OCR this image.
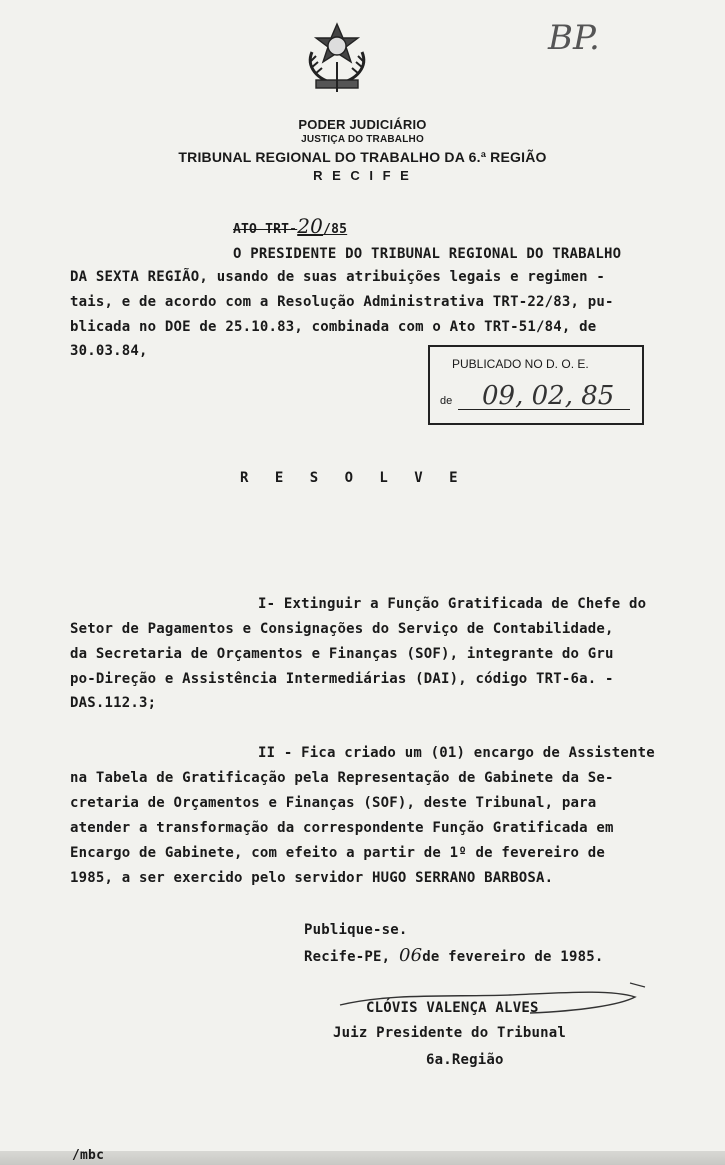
BP.
PODER JUDICIÁRIO
JUSTIÇA DO TRABALHO
TRIBUNAL REGIONAL DO TRABALHO DA 6.ª REGIÃO
R E C I F E
ATO TRT-20/85
O PRESIDENTE DO TRIBUNAL REGIONAL DO TRABALHO
DA SEXTA REGIÃO, usando de suas atribuições legais e regimen -
tais, e de acordo com a Resolução Administrativa TRT-22/83, pu-
blicada no DOE de 25.10.83, combinada com o Ato TRT-51/84, de
30.03.84,
PUBLICADO NO D. O. E.
de 09, 02, 85
R E S O L V E
I- Extinguir a Função Gratificada de Chefe do
Setor de Pagamentos e Consignações do Serviço de Contabilidade,
da Secretaria de Orçamentos e Finanças (SOF), integrante do Gru
po-Direção e Assistência Intermediárias (DAI), código TRT-6a. -
DAS.112.3;
II - Fica criado um (01) encargo de Assistente
na Tabela de Gratificação pela Representação de Gabinete da Se-
cretaria de Orçamentos e Finanças (SOF), deste Tribunal, para
atender a transformação da correspondente Função Gratificada em
Encargo de Gabinete, com efeito a partir de 1º de fevereiro de
1985, a ser exercido pelo servidor HUGO SERRANO BARBOSA.
Publique-se.
Recife-PE, 06de fevereiro de 1985.
CLÓVIS VALENÇA ALVES
Juiz Presidente do Tribunal
6a.Região
/mbc
